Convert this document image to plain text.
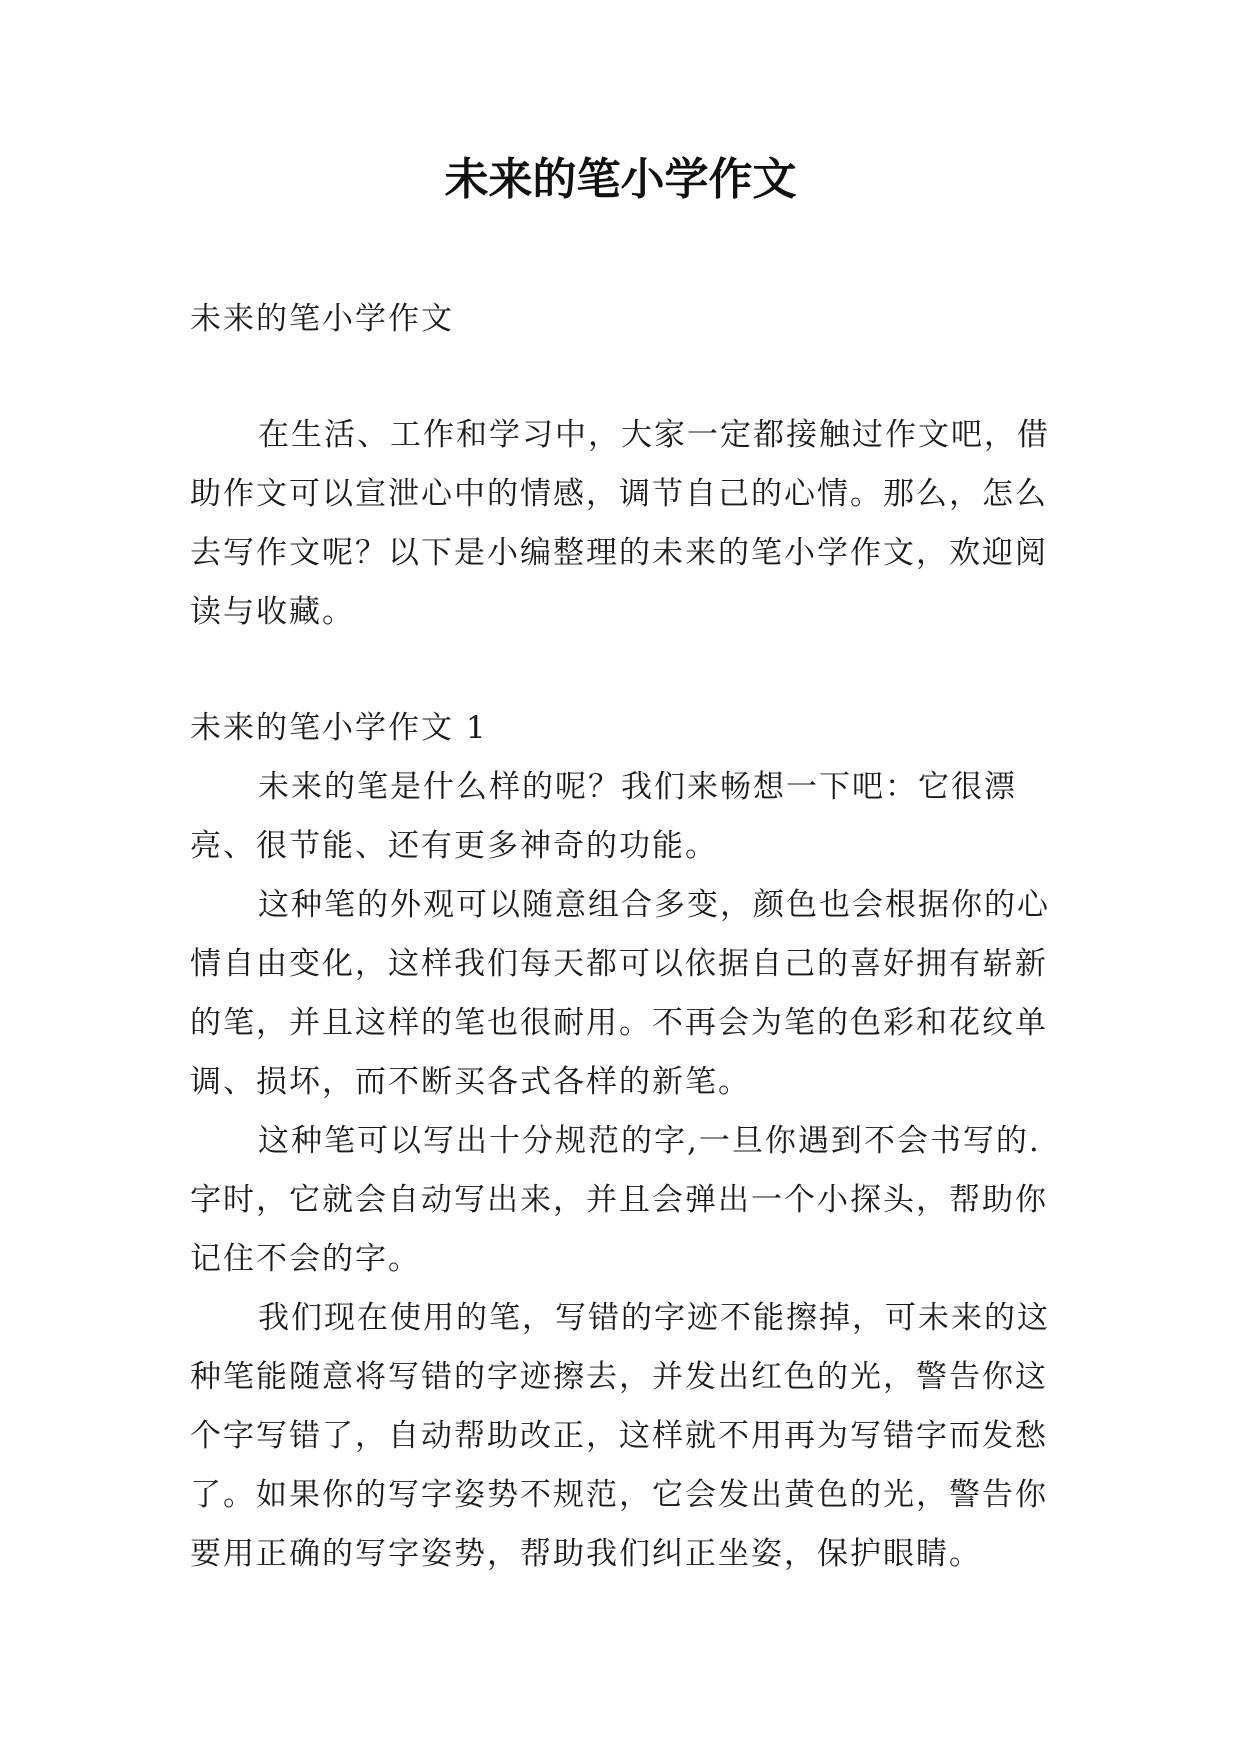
未来的笔小学作文

未来的笔小学作文

在生活、工作和学习中，大家一定都接触过作文吧，借助作文可以宣泄心中的情感，调节自己的心情。那么，怎么去写作文呢？以下是小编整理的未来的笔小学作文，欢迎阅读与收藏。

未来的笔小学作文 1

未来的笔是什么样的呢？我们来畅想一下吧：它很漂亮、很节能、还有更多神奇的功能。

这种笔的外观可以随意组合多变，颜色也会根据你的心情自由变化，这样我们每天都可以依据自己的喜好拥有崭新的笔，并且这样的笔也很耐用。不再会为笔的色彩和花纹单调、损坏，而不断买各式各样的新笔。

这种笔可以写出十分规范的字,一旦你遇到不会书写的.字时，它就会自动写出来，并且会弹出一个小探头，帮助你记住不会的字。

我们现在使用的笔，写错的字迹不能擦掉，可未来的这种笔能随意将写错的字迹擦去，并发出红色的光，警告你这个字写错了，自动帮助改正，这样就不用再为写错字而发愁了。如果你的写字姿势不规范，它会发出黄色的光，警告你要用正确的写字姿势，帮助我们纠正坐姿，保护眼睛。
